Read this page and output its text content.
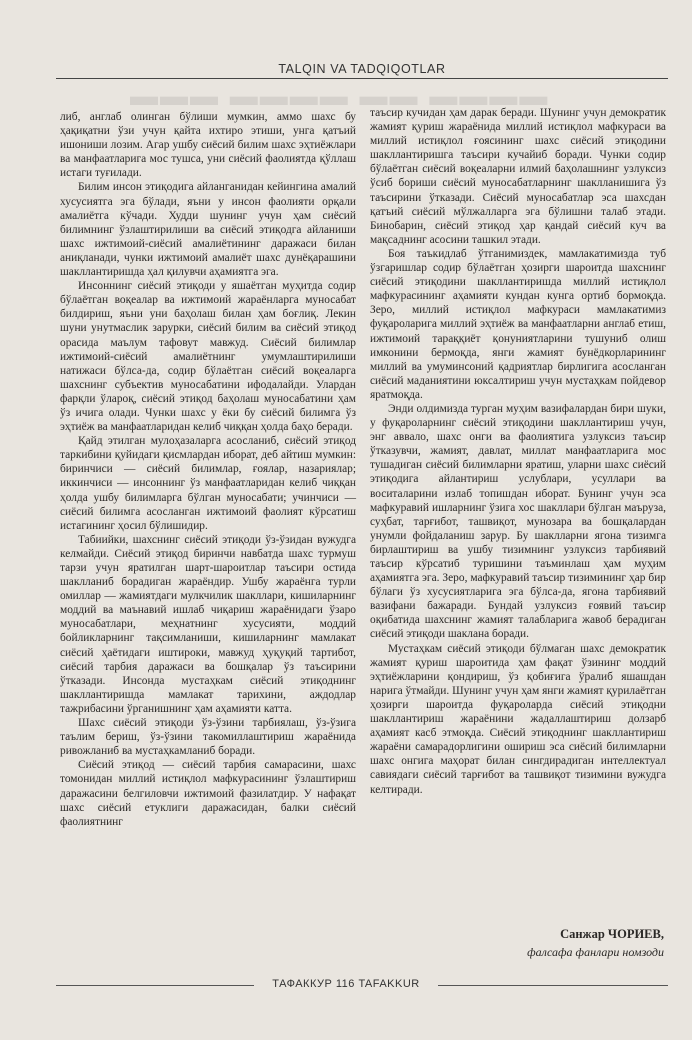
▬▬▬ ▬▬▬▬ ▬▬ ▬▬▬▬
TALQIN VA TADQIQOTLAR

либ, англаб олинган бўлиши мумкин, аммо шахс бу ҳақиқатни ўзи учун қайта ихтиро этиши, унга қатъий ишониши лозим. Агар ушбу сиёсий билим шахс эҳтиёжлари ва манфаатларига мос тушса, уни сиёсий фаолиятда қўллаш истаги туғилади.

Билим инсон этиқодига айланганидан кейингина амалий хусусиятга эга бўлади, яъни у инсон фаолияти орқали амалиётга кўчади. Худди шунинг учун ҳам сиёсий билимнинг ўзлаштирилиши ва сиёсий этиқодга айланиши шахс ижтимоий-сиёсий амалиётининг даражаси билан аниқланади, чунки ижтимоий амалиёт шахс дунёқарашини шакллантиришда ҳал қилувчи аҳамиятга эга.

Инсоннинг сиёсий этиқоди у яшаётган муҳитда содир бўлаётган воқеалар ва ижтимоий жараёнларга муносабат билдириш, яъни уни баҳолаш билан ҳам боғлиқ. Лекин шуни унутмаслик зарурки, сиёсий билим ва сиёсий этиқод орасида маълум тафовут мавжуд. Сиёсий билимлар ижтимоий-сиёсий амалиётнинг умумлаштирилиши натижаси бўлса-да, содир бўлаётган сиёсий воқеаларга шахснинг субъектив муносабатини ифодалайди. Улардан фарқли ўлароқ, сиёсий этиқод баҳолаш муносабатини ҳам ўз ичига олади. Чунки шахс у ёки бу сиёсий билимга ўз эҳтиёж ва манфаатларидан келиб чиққан ҳолда баҳо беради.

Қайд этилган мулоҳазаларга асосланиб, сиёсий этиқод таркибини қуйидаги қисмлардан иборат, деб айтиш мумкин: биринчиси — сиёсий билимлар, ғоялар, назариялар; иккинчиси — инсоннинг ўз манфаатларидан келиб чиққан ҳолда ушбу билимларга бўлган муносабати; учинчиси — сиёсий билимга асосланган ижтимоий фаолият кўрсатиш истагининг ҳосил бўлишидир.

Табиийки, шахснинг сиёсий этиқоди ўз-ўзидан вужудга келмайди. Сиёсий этиқод биринчи навбатда шахс турмуш тарзи учун яратилган шарт-шароитлар таъсири остида шаклланиб борадиган жараёндир. Ушбу жараёнга турли омиллар — жамиятдаги мулкчилик шакллари, кишиларнинг моддий ва маънавий ишлаб чиқариш жараёнидаги ўзаро муносабатлари, меҳнатнинг хусусияти, моддий бойликларнинг тақсимланиши, кишиларнинг мамлакат сиёсий ҳаётидаги иштироки, мавжуд ҳуқуқий тартибот, сиёсий тарбия даражаси ва бошқалар ўз таъсирини ўтказади. Инсонда мустаҳкам сиёсий этиқоднинг шакллантиришда мамлакат тарихини, аждодлар тажрибасини ўрганишнинг ҳам аҳамияти катта.

Шахс сиёсий этиқоди ўз-ўзини тарбиялаш, ўз-ўзига таълим бериш, ўз-ўзини такомиллаштириш жараёнида ривожланиб ва мустаҳкамланиб боради.

Сиёсий этиқод — сиёсий тарбия самарасини, шахс томонидан миллий истиқлол мафкурасининг ўзлаштириш даражасини белгиловчи ижтимоий фазилатдир. У нафақат шахс сиёсий етуклиги даражасидан, балки сиёсий фаолиятнинг

таъсир кучидан ҳам дарак беради. Шунинг учун демократик жамият қуриш жараёнида миллий истиқлол мафкураси ва миллий истиқлол ғоясининг шахс сиёсий этиқодини шакллантиришга таъсири кучайиб боради. Чунки содир бўлаётган сиёсий воқеаларни илмий баҳолашнинг узлуксиз ўсиб бориши сиёсий муносабатларнинг шаклланишига ўз таъсирини ўтказади. Сиёсий муносабатлар эса шахсдан қатъий сиёсий мўлжалларга эга бўлишни талаб этади. Бинобарин, сиёсий этиқод ҳар қандай сиёсий куч ва мақсаднинг асосини ташкил этади.

Боя таъкидлаб ўтганимиздек, мамлакатимизда туб ўзгаришлар содир бўлаётган ҳозирги шароитда шахснинг сиёсий этиқодини шакллантиришда миллий истиқлол мафкурасининг аҳамияти кундан кунга ортиб бормоқда. Зеро, миллий истиқлол мафкураси мамлакатимиз фуқароларига миллий эҳтиёж ва манфаатларни англаб етиш, ижтимоий тараққиёт қонуниятларини тушуниб олиш имконини бермоқда, янги жамият бунёдкорларининг миллий ва умуминсоний қадриятлар бирлигига асосланган сиёсий маданиятини юксалтириш учун мустаҳкам пойдевор яратмоқда.

Энди олдимизда турган муҳим вазифалардан бири шуки, у фуқароларнинг сиёсий этиқодини шакллантириш учун, энг аввало, шахс онги ва фаолиятига узлуксиз таъсир ўтказувчи, жамият, давлат, миллат манфаатларига мос тушадиган сиёсий билимларни яратиш, уларни шахс сиёсий этиқодига айлантириш услублари, усуллари ва воситаларини излаб топишдан иборат. Бунинг учун эса мафкуравий ишларнинг ўзига хос шакллари бўлган маъруза, суҳбат, тарғибот, ташвиқот, мунозара ва бошқалардан унумли фойдаланиш зарур. Бу шаклларни ягона тизимга бирлаштириш ва ушбу тизимнинг узлуксиз тарбиявий таъсир кўрсатиб туришини таъминлаш ҳам муҳим аҳамиятга эга. Зеро, мафкуравий таъсир тизимининг ҳар бир бўлаги ўз хусусиятларига эга бўлса-да, ягона тарбиявий вазифани бажаради. Бундай узлуксиз ғоявий таъсир оқибатида шахснинг жамият талабларига жавоб берадиган сиёсий этиқоди шаклана боради.

Мустаҳкам сиёсий этиқоди бўлмаган шахс демократик жамият қуриш шароитида ҳам фақат ўзининг моддий эҳтиёжларини қондириш, ўз қобиғига ўралиб яшашдан нарига ўтмайди. Шунинг учун ҳам янги жамият қурилаётган ҳозирги шароитда фуқароларда сиёсий этиқодни шакллантириш жараёнини жадаллаштириш долзарб аҳамият касб этмоқда. Сиёсий этиқоднинг шакллантириш жараёни самарадорлигини ошириш эса сиёсий билимларни шахс онгига маҳорат билан сингдирадиган интеллектуал савиядаги сиёсий тарғибот ва ташвиқот тизимини вужудга келтиради.

Санжар ЧОРИЕВ,
фалсафа фанлари номзоди
ТАФАККУР 116 TAFAKKUR
